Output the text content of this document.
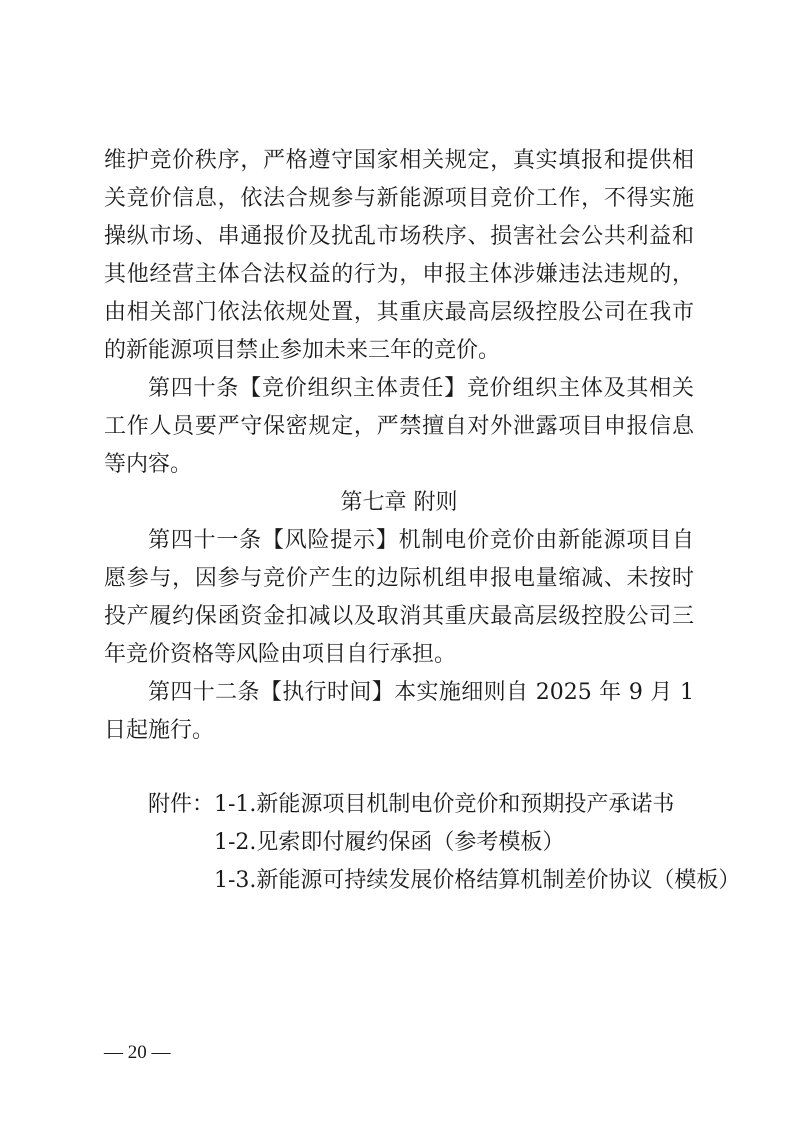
维护竞价秩序，严格遵守国家相关规定，真实填报和提供相关竞价信息，依法合规参与新能源项目竞价工作，不得实施操纵市场、串通报价及扰乱市场秩序、损害社会公共利益和其他经营主体合法权益的行为，申报主体涉嫌违法违规的，由相关部门依法依规处置，其重庆最高层级控股公司在我市的新能源项目禁止参加未来三年的竞价。

第四十条【竞价组织主体责任】竞价组织主体及其相关工作人员要严守保密规定，严禁擅自对外泄露项目申报信息等内容。

第七章 附则

第四十一条【风险提示】机制电价竞价由新能源项目自愿参与，因参与竞价产生的边际机组申报电量缩减、未按时投产履约保函资金扣减以及取消其重庆最高层级控股公司三年竞价资格等风险由项目自行承担。

第四十二条【执行时间】本实施细则自 2025 年 9 月 1 日起施行。

附件： 1-1.新能源项目机制电价竞价和预期投产承诺书
1-2.见索即付履约保函（参考模板）
1-3.新能源可持续发展价格结算机制差价协议（模板）
— 20 —
